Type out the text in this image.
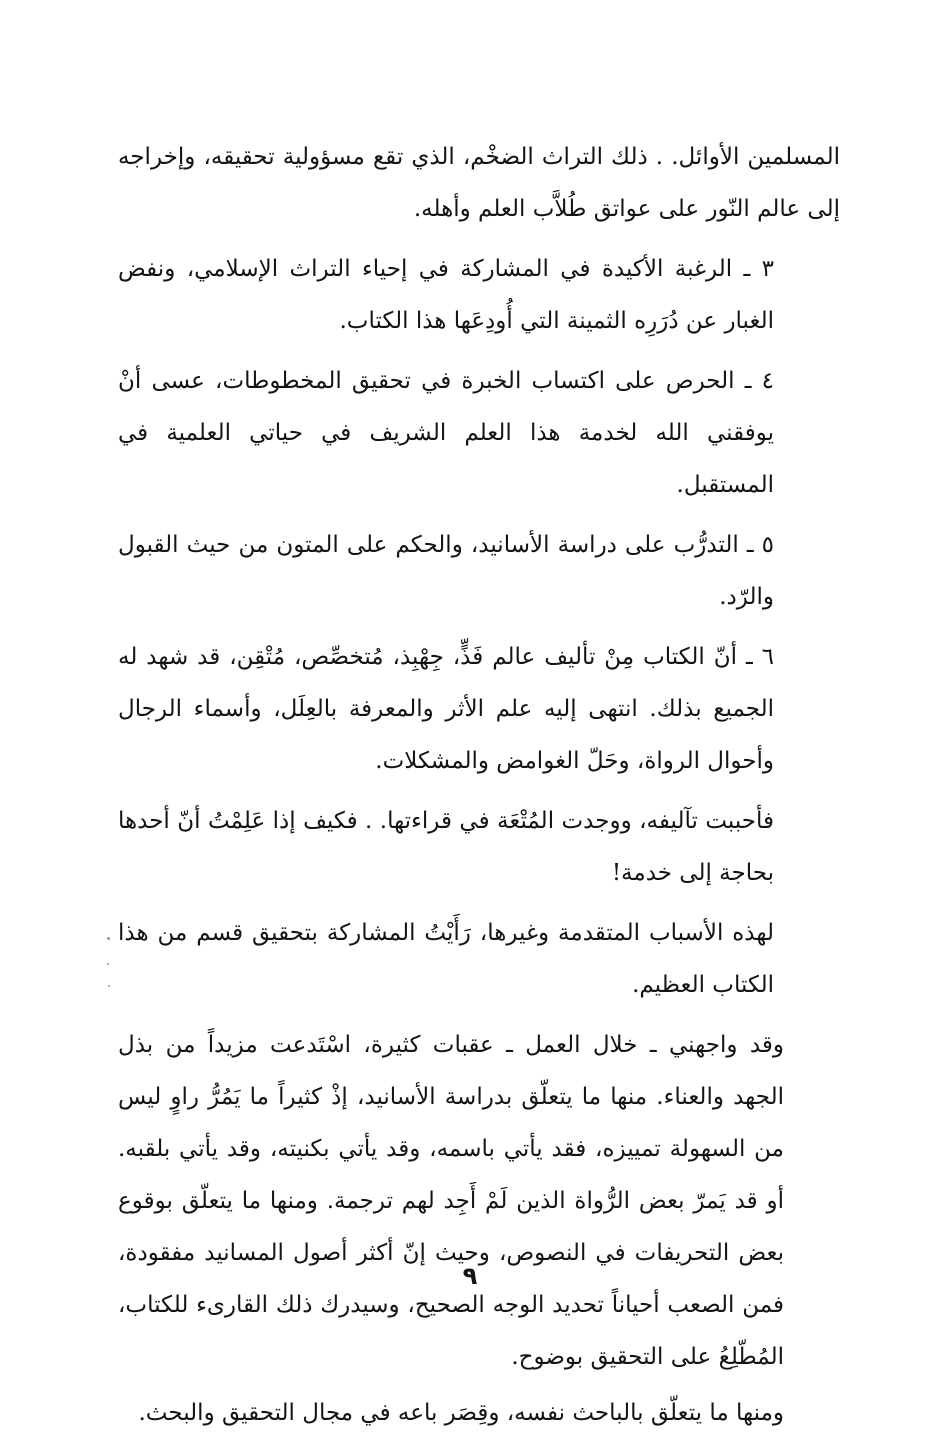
المسلمين الأوائل. . ذلك التراث الضخْم، الذي تقع مسؤولية تحقيقه، وإخراجه إلى عالم النّور على عواتق طُلاَّب العلم وأهله.

٣ ـ الرغبة الأكيدة في المشاركة في إحياء التراث الإسلامي، ونفض الغبار عن دُرَرِه الثمينة التي أُودِعَها هذا الكتاب.

٤ ـ الحرص على اكتساب الخبرة في تحقيق المخطوطات، عسى أنْ يوفقني الله لخدمة هذا العلم الشريف في حياتي العلمية في المستقبل.

٥ ـ التدرُّب على دراسة الأسانيد، والحكم على المتون من حيث القبول والرّد.

٦ ـ أنّ الكتاب مِنْ تأليف عالم فَذٍّ، جِهْبِذ، مُتخصِّص، مُتْقِن، قد شهد له الجميع بذلك. انتهى إليه علم الأثر والمعرفة بالعِلَل، وأسماء الرجال وأحوال الرواة، وحَلّ الغوامض والمشكلات.

فأحببت تآليفه، ووجدت المُتْعَة في قراءتها. . فكيف إذا عَلِمْتُ أنّ أحدها بحاجة إلى خدمة!

لهذه الأسباب المتقدمة وغيرها، رَأَيْتُ المشاركة بتحقيق قسم من هذا الكتاب العظيم.

وقد واجهني ـ خلال العمل ـ عقبات كثيرة، اسْتَدعت مزيداً من بذل الجهد والعناء. منها ما يتعلّق بدراسة الأسانيد، إذْ كثيراً ما يَمُرُّ راوٍ ليس من السهولة تمييزه، فقد يأتي باسمه، وقد يأتي بكنيته، وقد يأتي بلقبه. أو قد يَمرّ بعض الرُّواة الذين لَمْ أَجِد لهم ترجمة. ومنها ما يتعلّق بوقوع بعض التحريفات في النصوص، وحيث إنّ أكثر أصول المسانيد مفقودة، فمن الصعب أحياناً تحديد الوجه الصحيح، وسيدرك ذلك القارىء للكتاب، المُطّلِعُ على التحقيق بوضوح.

ومنها ما يتعلّق بالباحث نفسه، وقِصَر باعه في مجال التحقيق والبحث.

٩
